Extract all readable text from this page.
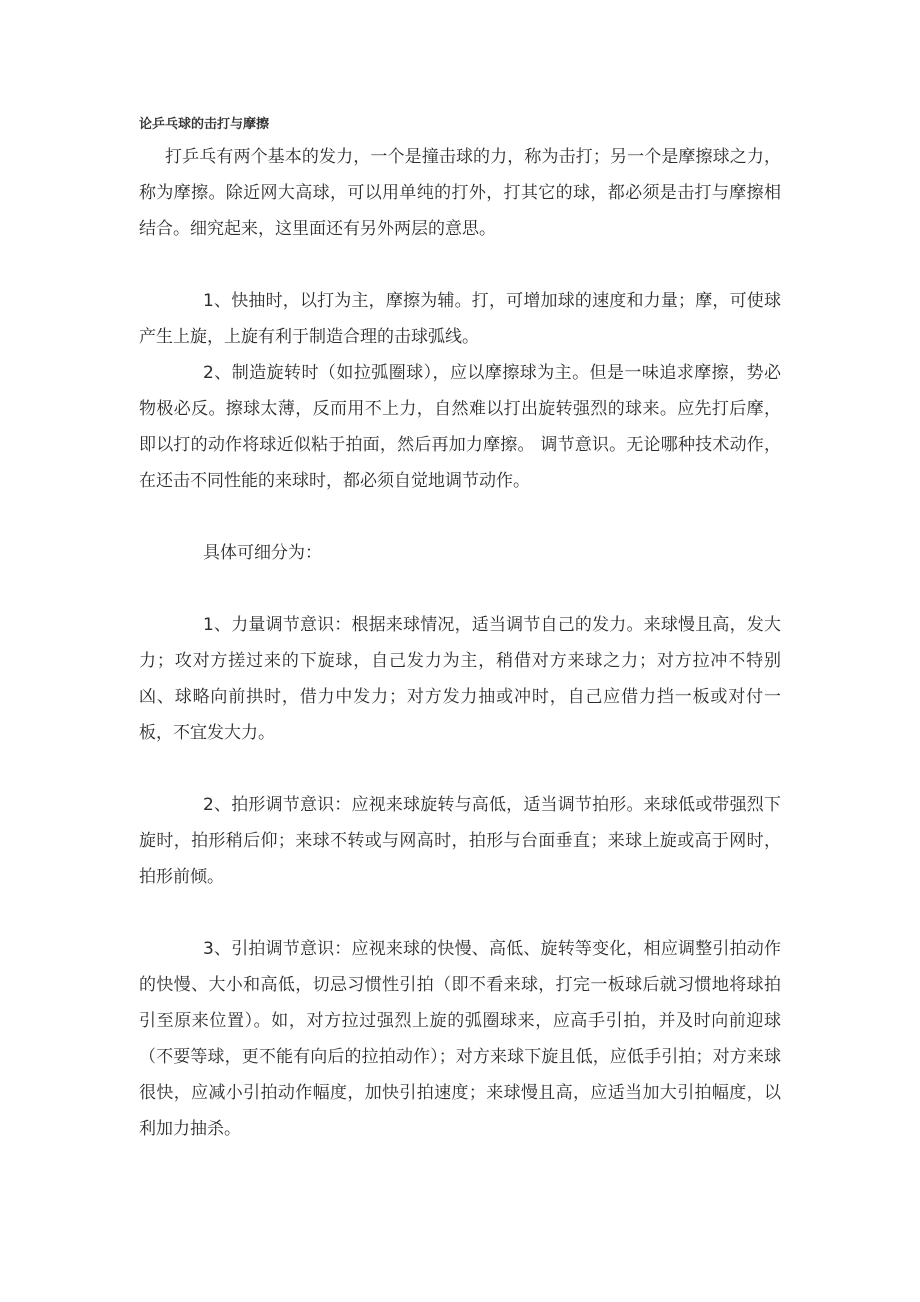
论乒乓球的击打与摩擦

打乒乓有两个基本的发力，一个是撞击球的力，称为击打；另一个是摩擦球之力，称为摩擦。除近网大高球，可以用单纯的打外，打其它的球，都必须是击打与摩擦相结合。细究起来，这里面还有另外两层的意思。

1、快抽时，以打为主，摩擦为辅。打，可增加球的速度和力量；摩，可使球产生上旋，上旋有利于制造合理的击球弧线。

2、制造旋转时（如拉弧圈球），应以摩擦球为主。但是一味追求摩擦，势必物极必反。擦球太薄，反而用不上力，自然难以打出旋转强烈的球来。应先打后摩，即以打的动作将球近似粘于拍面，然后再加力摩擦。 调节意识。无论哪种技术动作，在还击不同性能的来球时，都必须自觉地调节动作。

具体可细分为：

1、力量调节意识：根据来球情况，适当调节自己的发力。来球慢且高，发大力；攻对方搓过来的下旋球，自己发力为主，稍借对方来球之力；对方拉冲不特别凶、球略向前拱时，借力中发力；对方发力抽或冲时，自己应借力挡一板或对付一板，不宜发大力。

2、拍形调节意识：应视来球旋转与高低，适当调节拍形。来球低或带强烈下旋时，拍形稍后仰；来球不转或与网高时，拍形与台面垂直；来球上旋或高于网时，拍形前倾。

3、引拍调节意识：应视来球的快慢、高低、旋转等变化，相应调整引拍动作的快慢、大小和高低，切忌习惯性引拍（即不看来球，打完一板球后就习惯地将球拍引至原来位置）。如，对方拉过强烈上旋的弧圈球来，应高手引拍，并及时向前迎球（不要等球，更不能有向后的拉拍动作）；对方来球下旋且低，应低手引拍；对方来球很快，应减小引拍动作幅度，加快引拍速度；来球慢且高，应适当加大引拍幅度，以利加力抽杀。
